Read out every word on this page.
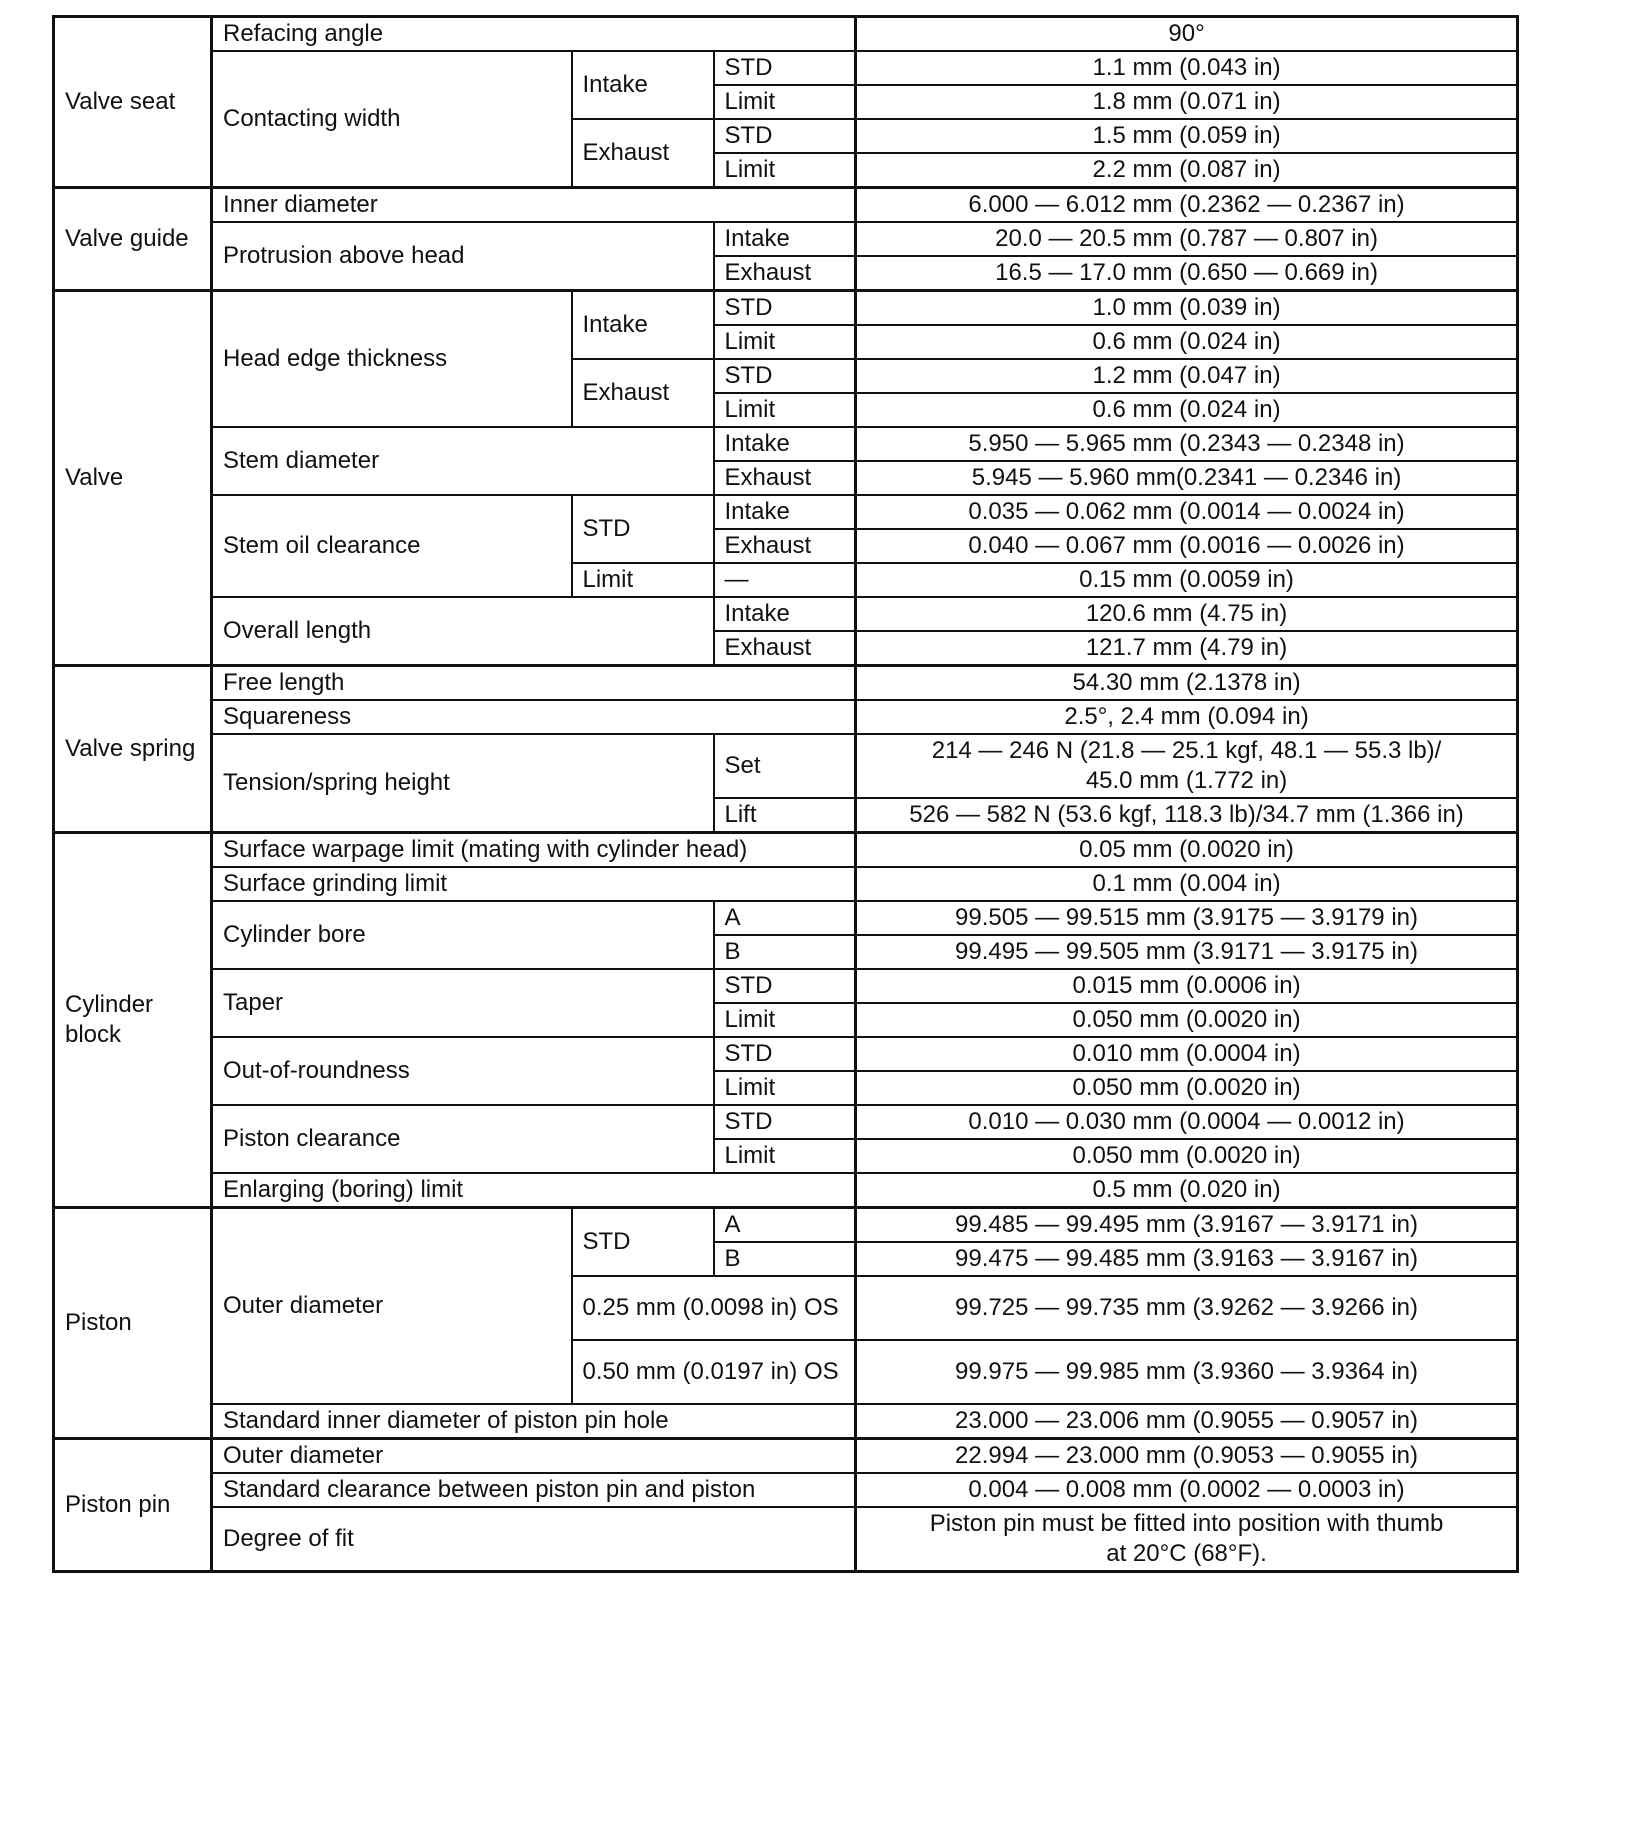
Valve seat	Refacing angle			90°
	Contacting width	Intake	STD	1.1 mm (0.043 in)
			Limit	1.8 mm (0.071 in)
		Exhaust	STD	1.5 mm (0.059 in)
			Limit	2.2 mm (0.087 in)
Valve guide	Inner diameter			6.000 — 6.012 mm (0.2362 — 0.2367 in)
	Protrusion above head		Intake	20.0 — 20.5 mm (0.787 — 0.807 in)
			Exhaust	16.5 — 17.0 mm (0.650 — 0.669 in)
Valve	Head edge thickness	Intake	STD	1.0 mm (0.039 in)
			Limit	0.6 mm (0.024 in)
		Exhaust	STD	1.2 mm (0.047 in)
			Limit	0.6 mm (0.024 in)
	Stem diameter		Intake	5.950 — 5.965 mm (0.2343 — 0.2348 in)
			Exhaust	5.945 — 5.960 mm(0.2341 — 0.2346 in)
	Stem oil clearance	STD	Intake	0.035 — 0.062 mm (0.0014 — 0.0024 in)
			Exhaust	0.040 — 0.067 mm (0.0016 — 0.0026 in)
		Limit	—	0.15 mm (0.0059 in)
	Overall length		Intake	120.6 mm (4.75 in)
			Exhaust	121.7 mm (4.79 in)
Valve spring	Free length			54.30 mm (2.1378 in)
	Squareness			2.5°, 2.4 mm (0.094 in)
	Tension/spring height		Set	214 — 246 N (21.8 — 25.1 kgf, 48.1 — 55.3 lb)/
45.0 mm (1.772 in)

			Lift	526 — 582 N (53.6 kgf, 118.3 lb)/34.7 mm (1.366 in)
Cylinder block	Surface warpage limit (mating with cylinder head)			0.05 mm (0.0020 in)
	Surface grinding limit			0.1 mm (0.004 in)
	Cylinder bore		A	99.505 — 99.515 mm (3.9175 — 3.9179 in)
			B	99.495 — 99.505 mm (3.9171 — 3.9175 in)
	Taper		STD	0.015 mm (0.0006 in)
			Limit	0.050 mm (0.0020 in)
	Out-of-roundness		STD	0.010 mm (0.0004 in)
			Limit	0.050 mm (0.0020 in)
	Piston clearance		STD	0.010 — 0.030 mm (0.0004 — 0.0012 in)
			Limit	0.050 mm (0.0020 in)
	Enlarging (boring) limit			0.5 mm (0.020 in)
Piston	Outer diameter	STD	A	99.485 — 99.495 mm (3.9167 — 3.9171 in)
			B	99.475 — 99.485 mm (3.9163 — 3.9167 in)
		0.25 mm (0.0098 in) OS		99.725 — 99.735 mm (3.9262 — 3.9266 in)
		0.50 mm (0.0197 in) OS		99.975 — 99.985 mm (3.9360 — 3.9364 in)
	Standard inner diameter of piston pin hole			23.000 — 23.006 mm (0.9055 — 0.9057 in)
Piston pin	Outer diameter			22.994 — 23.000 mm (0.9053 — 0.9055 in)
	Standard clearance between piston pin and piston			0.004 — 0.008 mm (0.0002 — 0.0003 in)
	Degree of fit			Piston pin must be fitted into position with thumb
at 20°C (68°F).
